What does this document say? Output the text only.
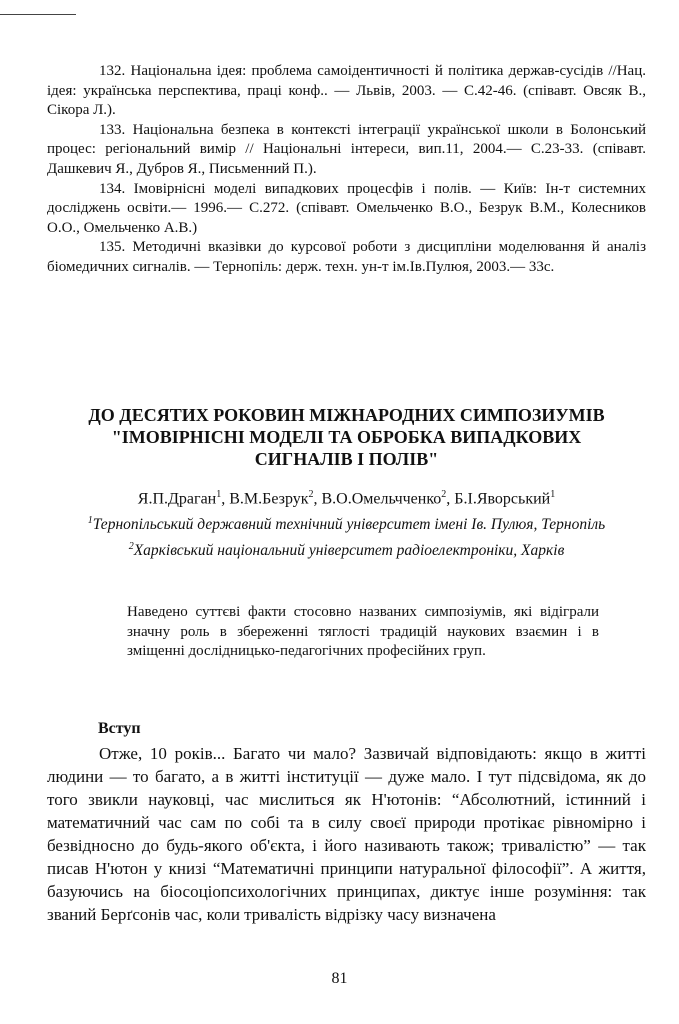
132. Національна ідея: проблема самоідентичності й політика держав-сусідів //Нац. ідея: українська перспектива, праці конф.. — Львів, 2003. — С.42-46. (співавт. Овсяк В., Сікора Л.).

133. Національна безпека в контексті інтеграції української школи в Болонський процес: регіональний вимір // Національні інтереси, вип.11, 2004.— С.23-33. (співавт. Дашкевич Я., Дубров Я., Письменний П.).

134. Імовірнісні моделі випадкових процесфів і полів. — Київ: Ін-т системних досліджень освіти.— 1996.— С.272. (співавт. Омельченко В.О., Безрук В.М., Колесников О.О., Омельченко А.В.)

135. Методичні вказівки до курсової роботи з дисципліни моделювання й аналіз біомедичних сигналів. — Тернопіль: держ. техн. ун-т ім.Ів.Пулюя, 2003.— 33с.

ДО ДЕСЯТИХ РОКОВИН МІЖНАРОДНИХ СИМПОЗИУМІВ
"ІМОВІРНІСНІ МОДЕЛІ ТА ОБРОБКА ВИПАДКОВИХ
СИГНАЛІВ І ПОЛІВ"
Я.П.Драган$^1$, В.М.Безрук$^2$, В.О.Омельчченко$^2$, Б.І.Яворський$^1$
$^1$Тернопільський державний технічний університет імені Ів. Пулюя, Тернопіль
$^2$Харківський національний університет радіоелектроніки, Харків

Наведено суттєві факти стосовно названих симпозіумів, які відіграли значну роль в збереженні тяглості традицій наукових взаємин і в зміщенні дослідницько-педагогічних професійних груп.

Вступ

Отже, 10 років... Багато чи мало? Зазвичай відповідають: якщо в житті людини — то багато, а в житті інституції — дуже мало. І тут підсвідома, як до того звикли науковці, час мислиться як Н'ютонів: “Абсолютний, істинний і математичний час сам по собі та в силу своєї природи протікає рівномірно і безвідносно до будь-якого об'єкта, і його називають також; тривалістю” — так писав Н'ютон у книзі “Математичні принципи натуральної філософії”. А життя, базуючись на біосоціопсихологічних принципах, диктує інше розуміння: так званий Берґсонів час, коли тривалість відрізку часу визначена

81
